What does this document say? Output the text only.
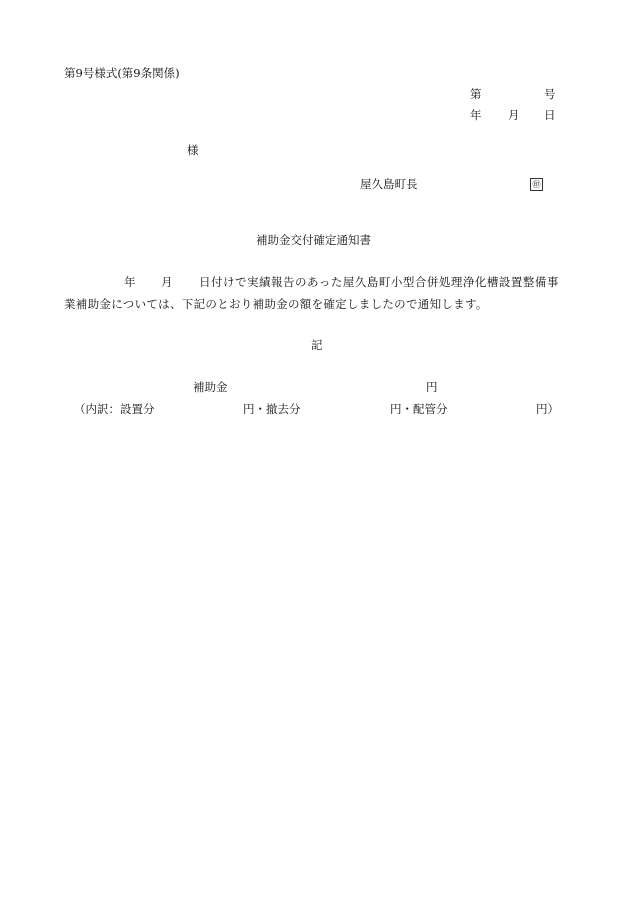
第9号様式(第9条関係)
第	号
年 月 日
様
屋久島町長	㊞
補助金交付確定通知書
年 月 日付けで実績報告のあった屋久島町小型合併処理浄化槽設置整備事
業補助金については、下記のとおり補助金の額を確定しましたので通知します。
記
補助金	円
（内訳：設置分	円・撤去分	円・配管分	円）
